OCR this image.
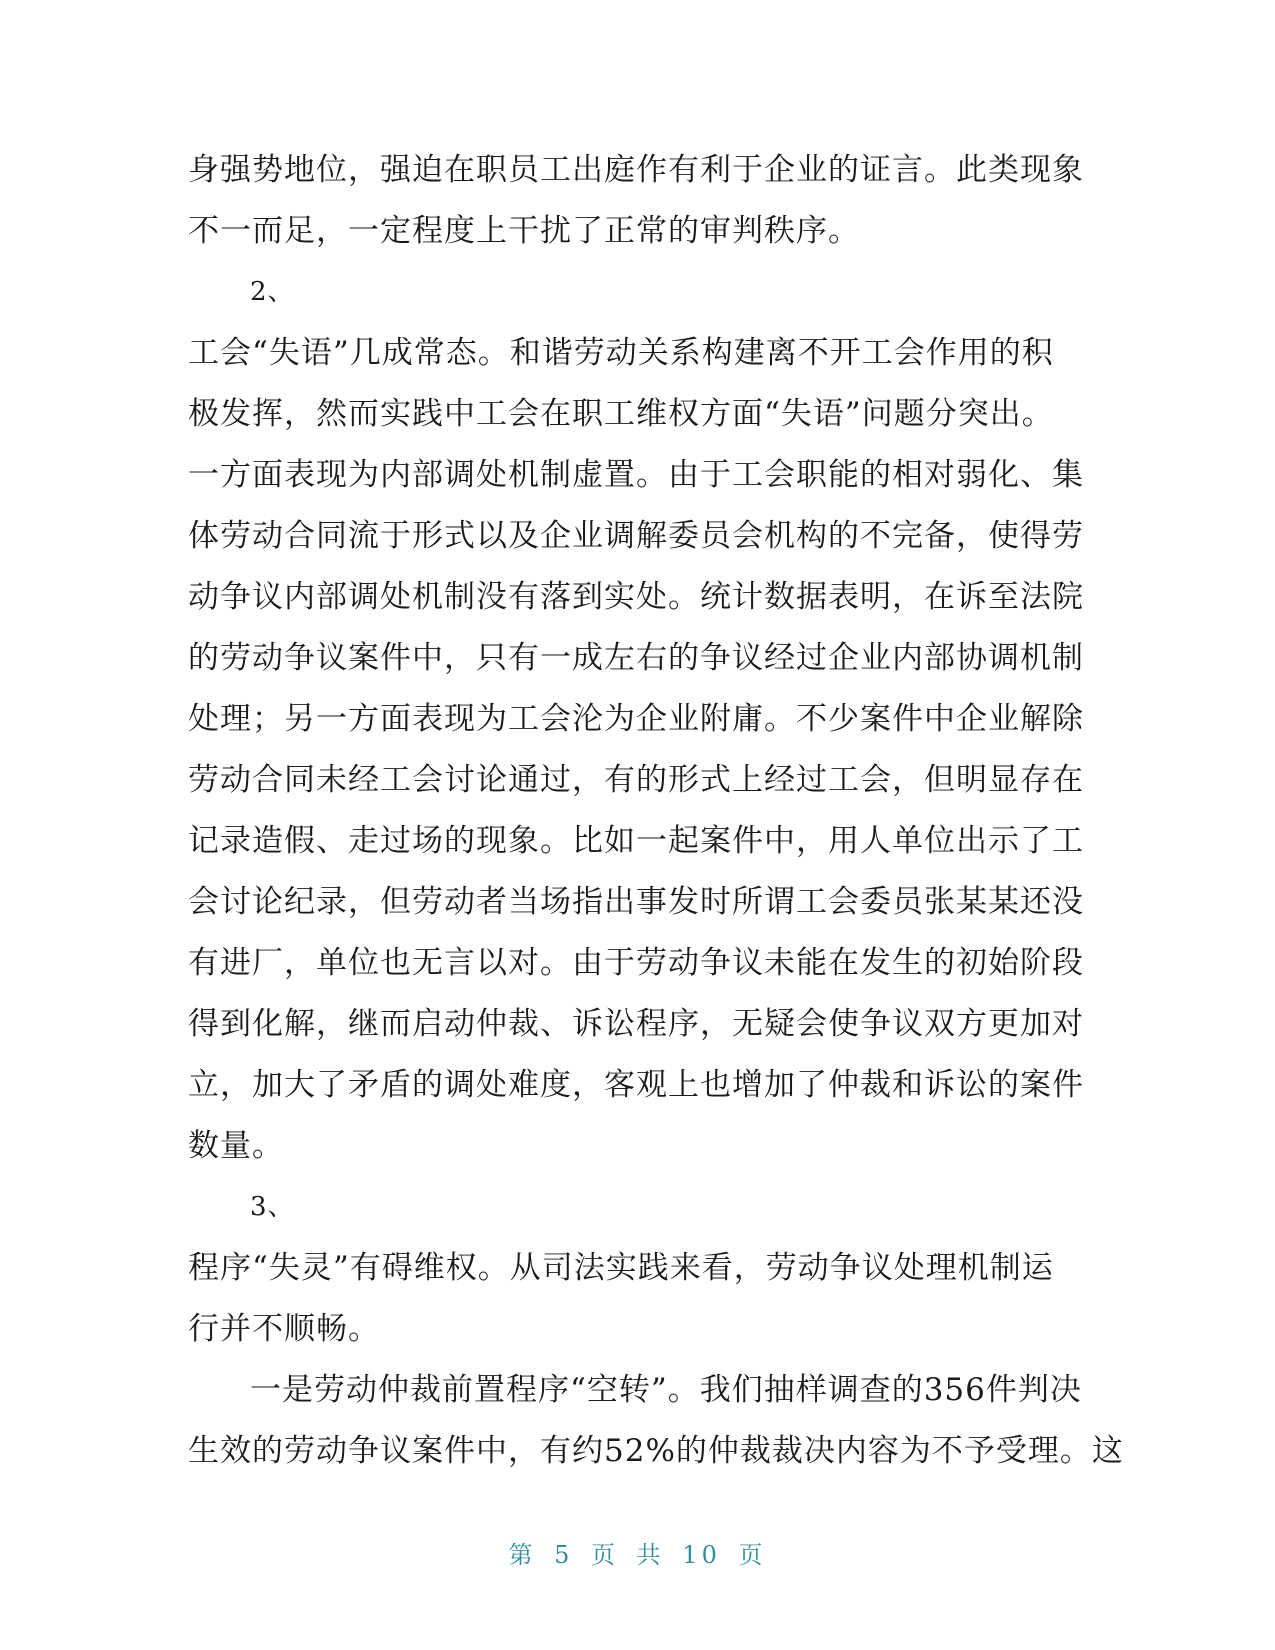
身强势地位，强迫在职员工出庭作有利于企业的证言。此类现象
不一而足，一定程度上干扰了正常的审判秩序。
2、
工会“失语”几成常态。和谐劳动关系构建离不开工会作用的积
极发挥，然而实践中工会在职工维权方面“失语”问题分突出。
一方面表现为内部调处机制虚置。由于工会职能的相对弱化、集
体劳动合同流于形式以及企业调解委员会机构的不完备，使得劳
动争议内部调处机制没有落到实处。统计数据表明，在诉至法院
的劳动争议案件中，只有一成左右的争议经过企业内部协调机制
处理；另一方面表现为工会沦为企业附庸。不少案件中企业解除
劳动合同未经工会讨论通过，有的形式上经过工会，但明显存在
记录造假、走过场的现象。比如一起案件中，用人单位出示了工
会讨论纪录，但劳动者当场指出事发时所谓工会委员张某某还没
有进厂，单位也无言以对。由于劳动争议未能在发生的初始阶段
得到化解，继而启动仲裁、诉讼程序，无疑会使争议双方更加对
立，加大了矛盾的调处难度，客观上也增加了仲裁和诉讼的案件
数量。
3、
程序“失灵”有碍维权。从司法实践来看，劳动争议处理机制运
行并不顺畅。
一是劳动仲裁前置程序“空转”。我们抽样调查的356件判决
生效的劳动争议案件中，有约52%的仲裁裁决内容为不予受理。这
第 5 页 共 10 页
